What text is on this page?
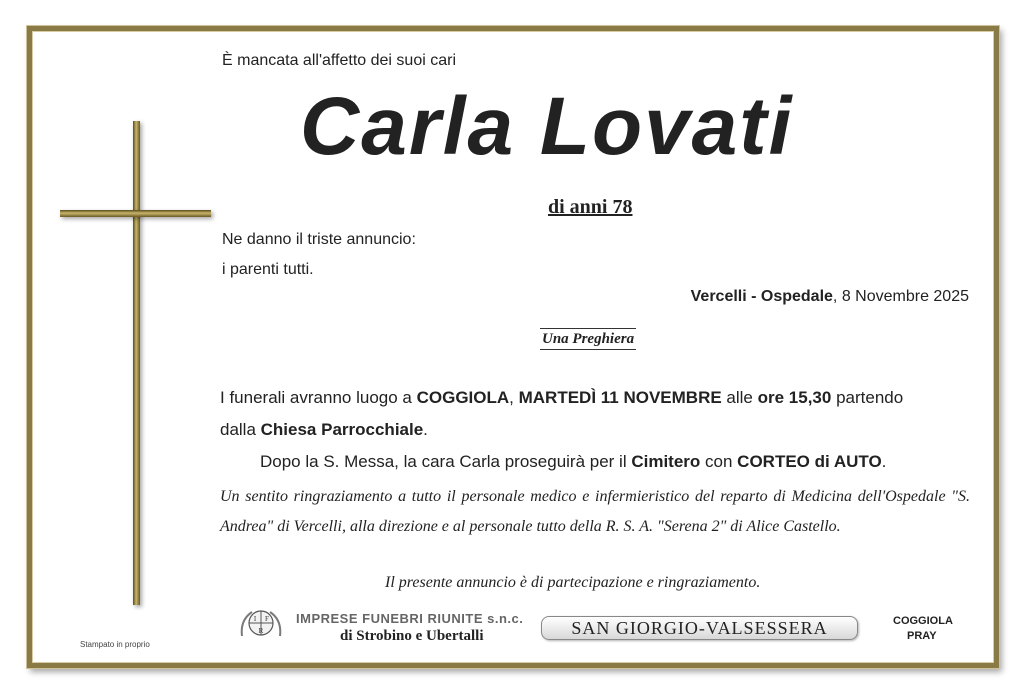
È mancata all'affetto dei suoi cari
Carla Lovati
di anni 78
Ne danno il triste annuncio:
i parenti tutti.
Vercelli - Ospedale, 8 Novembre 2025
Una Preghiera
I funerali avranno luogo a COGGIOLA, MARTEDÌ 11 NOVEMBRE alle ore 15,30 partendo
dalla Chiesa Parrocchiale.
Dopo la S. Messa, la cara Carla proseguirà per il Cimitero con CORTEO di AUTO.
Un sentito ringraziamento a tutto il personale medico e infermieristico del reparto di Medicina dell'Ospedale "S. Andrea" di Vercelli, alla direzione e al personale tutto della R. S. A. "Serena 2" di Alice Castello.
Il presente annuncio è di partecipazione e ringraziamento.
I F
R
IMPRESE FUNEBRI RIUNITE s.n.c.
di Strobino e Ubertalli	SAN GIORGIO-VALSESSERA	COGGIOLA
PRAY
Stampato in proprio
